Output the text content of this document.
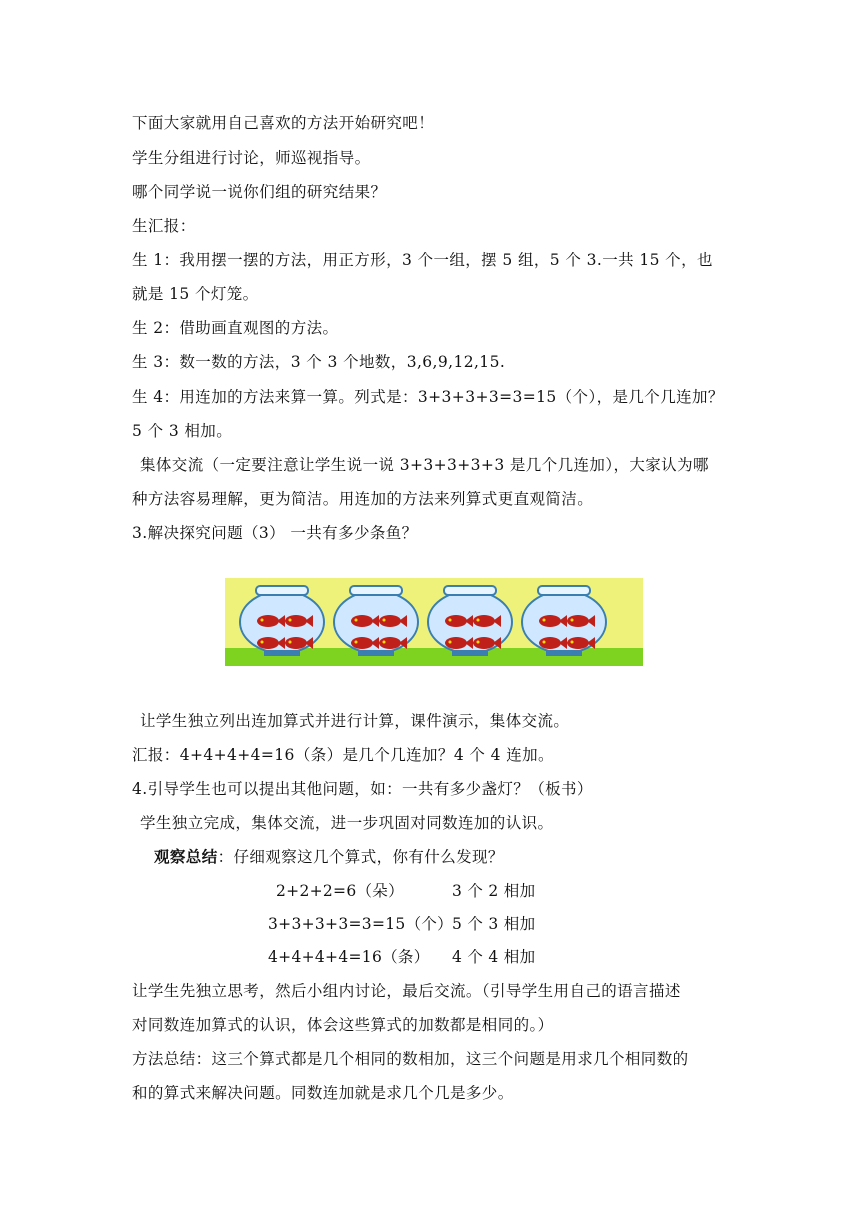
下面大家就用自己喜欢的方法开始研究吧！
学生分组进行讨论，师巡视指导。
哪个同学说一说你们组的研究结果？
生汇报：
生 1：我用摆一摆的方法，用正方形，3 个一组，摆 5 组，5 个 3.一共 15 个，也
就是 15 个灯笼。
生 2：借助画直观图的方法。
生 3：数一数的方法，3 个 3 个地数，3,6,9,12,15.
生 4：用连加的方法来算一算。列式是：3+3+3+3=3=15（个），是几个几连加？
5 个 3 相加。
集体交流（一定要注意让学生说一说 3+3+3+3+3 是几个几连加），大家认为哪
种方法容易理解，更为简洁。用连加的方法来列算式更直观简洁。
3.解决探究问题（3） 一共有多少条鱼？
让学生独立列出连加算式并进行计算，课件演示，集体交流。
汇报：4+4+4+4=16（条）是几个几连加？4 个 4 连加。
4.引导学生也可以提出其他问题，如：一共有多少盏灯？（板书）
学生独立完成，集体交流，进一步巩固对同数连加的认识。
观察总结：仔细观察这几个算式，你有什么发现？
2+2+2=6（朵）	3 个 2 相加
3+3+3+3=3=15（个） 5 个 3 相加
4+4+4+4=16（条） 4 个 4 相加
让学生先独立思考，然后小组内讨论，最后交流。（引导学生用自己的语言描述
对同数连加算式的认识，体会这些算式的加数都是相同的。）
方法总结：这三个算式都是几个相同的数相加，这三个问题是用求几个相同数的
和的算式来解决问题。同数连加就是求几个几是多少。
